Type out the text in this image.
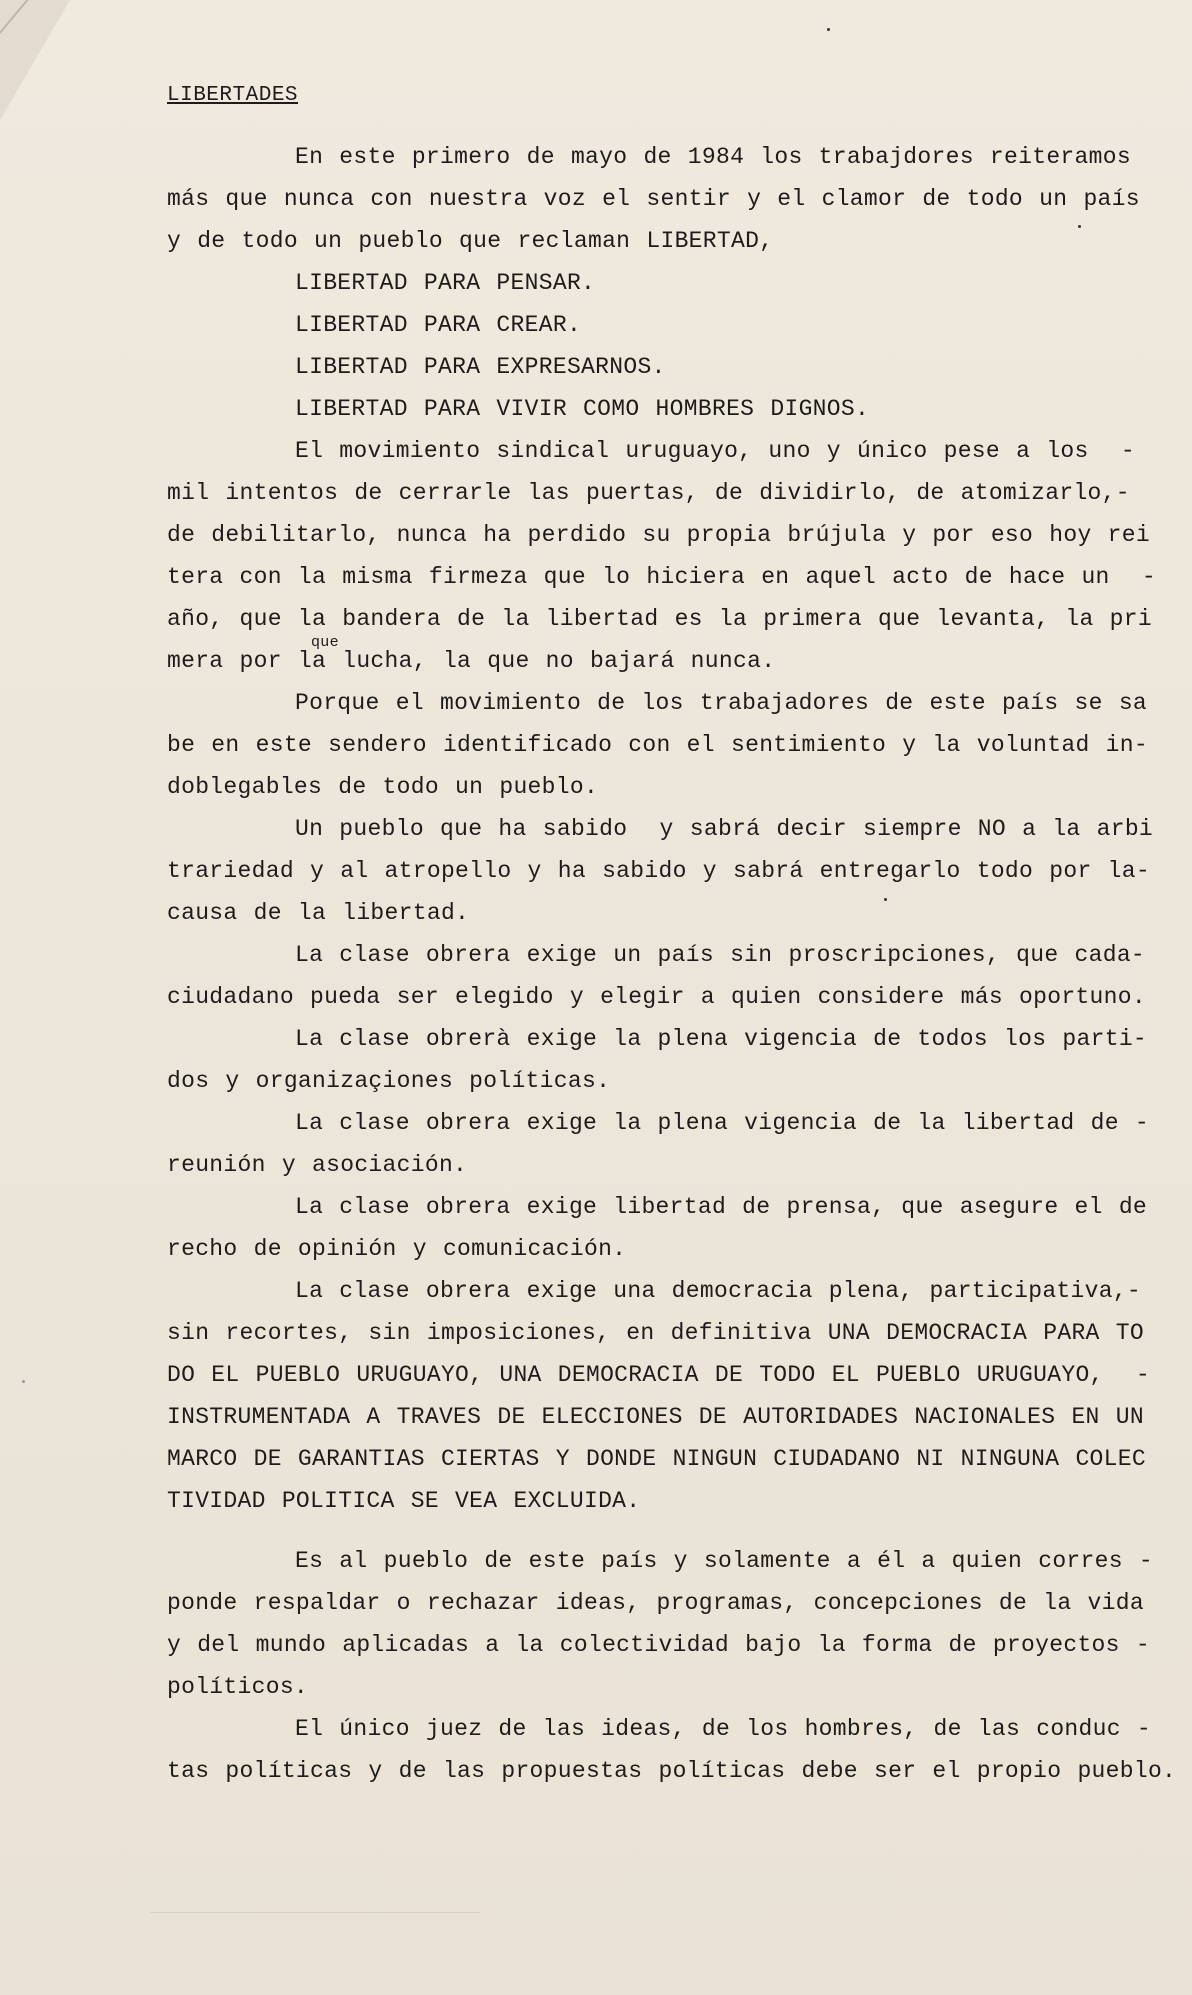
LIBERTADES
En este primero de mayo de 1984 los trabajdores reiteramos
más que nunca con nuestra voz el sentir y el clamor de todo un país
y de todo un pueblo que reclaman LIBERTAD,
LIBERTAD PARA PENSAR.
LIBERTAD PARA CREAR.
LIBERTAD PARA EXPRESARNOS.
LIBERTAD PARA VIVIR COMO HOMBRES DIGNOS.
El movimiento sindical uruguayo, uno y único pese a los  -
mil intentos de cerrarle las puertas, de dividirlo, de atomizarlo,-
de debilitarlo, nunca ha perdido su propia brújula y por eso hoy rei
tera con la misma firmeza que lo hiciera en aquel acto de hace un  -
año, que la bandera de la libertad es la primera que levanta, la pri
mera por la lucha, la que no bajará nunca.
Porque el movimiento de los trabajadores de este país se sa
be en este sendero identificado con el sentimiento y la voluntad in-
doblegables de todo un pueblo.
Un pueblo que ha sabido  y sabrá decir siempre NO a la arbi
trariedad y al atropello y ha sabido y sabrá entregarlo todo por la-
causa de la libertad.
La clase obrera exige un país sin proscripciones, que cada-
ciudadano pueda ser elegido y elegir a quien considere más oportuno.
La clase obrerà exige la plena vigencia de todos los parti-
dos y organizaçiones políticas.
La clase obrera exige la plena vigencia de la libertad de -
reunión y asociación.
La clase obrera exige libertad de prensa, que asegure el de
recho de opinión y comunicación.
La clase obrera exige una democracia plena, participativa,-
sin recortes, sin imposiciones, en definitiva UNA DEMOCRACIA PARA TO
DO EL PUEBLO URUGUAYO, UNA DEMOCRACIA DE TODO EL PUEBLO URUGUAYO,  -
INSTRUMENTADA A TRAVES DE ELECCIONES DE AUTORIDADES NACIONALES EN UN
MARCO DE GARANTIAS CIERTAS Y DONDE NINGUN CIUDADANO NI NINGUNA COLEC
TIVIDAD POLITICA SE VEA EXCLUIDA.
Es al pueblo de este país y solamente a él a quien corres -
ponde respaldar o rechazar ideas, programas, concepciones de la vida
y del mundo aplicadas a la colectividad bajo la forma de proyectos -
políticos.
El único juez de las ideas, de los hombres, de las conduc -
tas políticas y de las propuestas políticas debe ser el propio pueblo.
que
